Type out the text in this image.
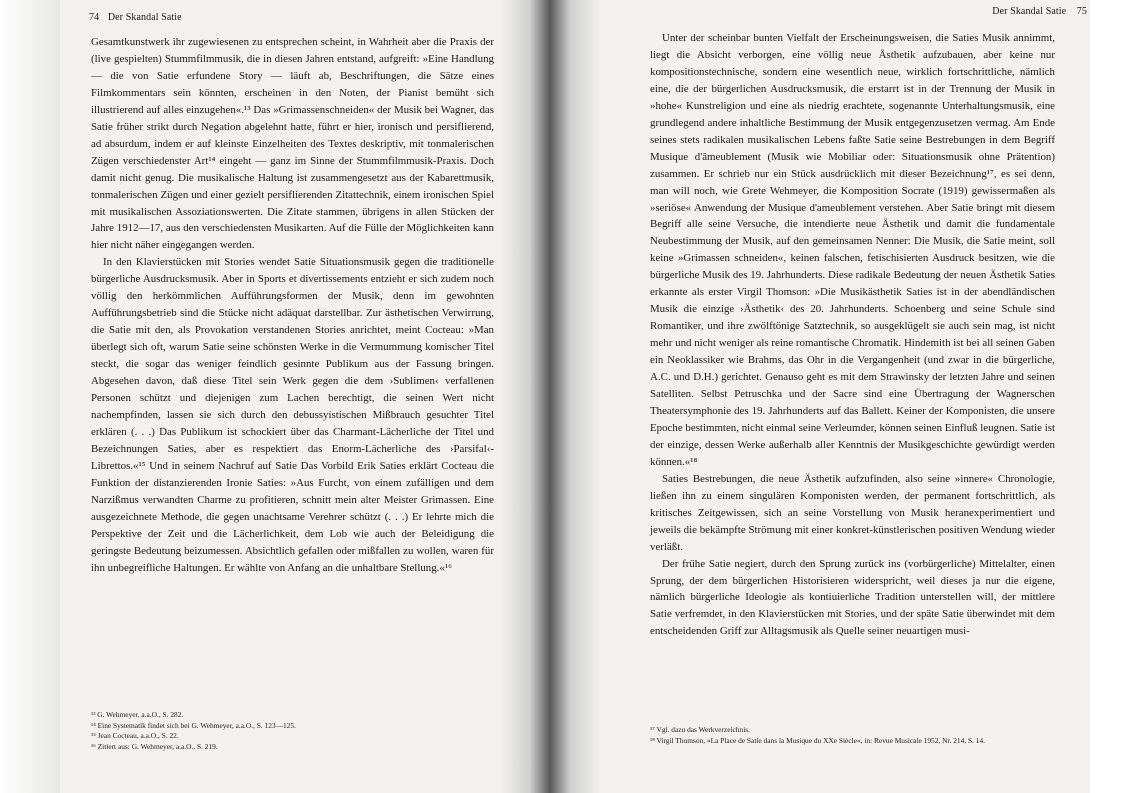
74 Der Skandal Satie
Der Skandal Satie 75

Gesamtkunstwerk ihr zugewiesenen zu entsprechen scheint, in Wahrheit aber die Praxis der (live gespielten) Stummfilmmusik, die in diesen Jahren entstand, aufgreift: »Eine Handlung — die von Satie erfundene Story — läuft ab, Beschriftungen, die Sätze eines Filmkommentars sein könnten, erscheinen in den Noten, der Pianist bemüht sich illustrierend auf alles einzugehen«.¹³ Das »Grimassenschneiden« der Musik bei Wagner, das Satie früher strikt durch Negation abgelehnt hatte, führt er hier, ironisch und persiflierend, ad absurdum, indem er auf kleinste Einzelheiten des Textes deskriptiv, mit tonmalerischen Zügen verschiedenster Art¹⁴ eingeht — ganz im Sinne der Stummfilmmusik-Praxis. Doch damit nicht genug. Die musikalische Haltung ist zusammengesetzt aus der Kabarettmusik, tonmalerischen Zügen und einer gezielt persiflierenden Zitattechnik, einem ironischen Spiel mit musikalischen Assoziationswerten. Die Zitate stammen, übrigens in allen Stücken der Jahre 1912—17, aus den verschiedensten Musikarten. Auf die Fülle der Möglichkeiten kann hier nicht näher eingegangen werden.

In den Klavierstücken mit Stories wendet Satie Situationsmusik gegen die traditionelle bürgerliche Ausdrucksmusik. Aber in Sports et divertissements entzieht er sich zudem noch völlig den herkömmlichen Aufführungsformen der Musik, denn im gewohnten Aufführungsbetrieb sind die Stücke nicht adäquat darstellbar. Zur ästhetischen Verwirrung, die Satie mit den, als Provokation verstandenen Stories anrichtet, meint Cocteau: »Man überlegt sich oft, warum Satie seine schönsten Werke in die Vermummung komischer Titel steckt, die sogar das weniger feindlich gesinnte Publikum aus der Fassung bringen. Abgesehen davon, daß diese Titel sein Werk gegen die dem ›Sublimen‹ verfallenen Personen schützt und diejenigen zum Lachen berechtigt, die seinen Wert nicht nachempfinden, lassen sie sich durch den debussyistischen Mißbrauch gesuchter Titel erklären (. . .) Das Publikum ist schockiert über das Charmant-Lächerliche der Titel und Bezeichnungen Saties, aber es respektiert das Enorm-Lächerliche des ›Parsifal‹-Librettos.«¹⁵ Und in seinem Nachruf auf Satie Das Vorbild Erik Saties erklärt Cocteau die Funktion der distanzierenden Ironie Saties: »Aus Furcht, von einem zufälligen und dem Narzißmus verwandten Charme zu profitieren, schnitt mein alter Meister Grimassen. Eine ausgezeichnete Methode, die gegen unachtsame Verehrer schützt (. . .) Er lehrte mich die Perspektive der Zeit und die Lächerlichkeit, dem Lob wie auch der Beleidigung die geringste Bedeutung beizumessen. Absichtlich gefallen oder mißfallen zu wollen, waren für ihn unbegreifliche Haltungen. Er wählte von Anfang an die unhaltbare Stellung.«¹⁶

¹³ G. Wehmeyer, a.a.O., S. 282.
¹⁴ Eine Systematik findet sich bei G. Wehmeyer, a.a.O., S. 123—125.
¹⁵ Jean Cocteau, a.a.O., S. 22.
¹⁶ Zitiert aus: G. Wehmeyer, a.a.O., S. 219.

Unter der scheinbar bunten Vielfalt der Erscheinungsweisen, die Saties Musik annimmt, liegt die Absicht verborgen, eine völlig neue Ästhetik aufzubauen, aber keine nur kompositionstechnische, sondern eine wesentlich neue, wirklich fortschrittliche, nämlich eine, die der bürgerlichen Ausdrucksmusik, die erstarrt ist in der Trennung der Musik in »hohe« Kunstreligion und eine als niedrig erachtete, sogenannte Unterhaltungsmusik, eine grundlegend andere inhaltliche Bestimmung der Musik entgegenzusetzen vermag. Am Ende seines stets radikalen musikalischen Lebens faßte Satie seine Bestrebungen in dem Begriff Musique d'âmeublement (Musik wie Mobiliar oder: Situationsmusik ohne Prätention) zusammen. Er schrieb nur ein Stück ausdrücklich mit dieser Bezeichnung¹⁷, es sei denn, man will noch, wie Grete Wehmeyer, die Komposition Socrate (1919) gewissermaßen als »seriöse« Anwendung der Musique d'ameublement verstehen. Aber Satie bringt mit diesem Begriff alle seine Versuche, die intendierte neue Ästhetik und damit die fundamentale Neubestimmung der Musik, auf den gemeinsamen Nenner: Die Musik, die Satie meint, soll keine »Grimassen schneiden«, keinen falschen, fetischisierten Ausdruck besitzen, wie die bürgerliche Musik des 19. Jahrhunderts. Diese radikale Bedeutung der neuen Ästhetik Saties erkannte als erster Virgil Thomson: »Die Musikästhetik Saties ist in der abendländischen Musik die einzige ›Ästhetik‹ des 20. Jahrhunderts. Schoenberg und seine Schule sind Romantiker, und ihre zwölftönige Satztechnik, so ausgeklügelt sie auch sein mag, ist nicht mehr und nicht weniger als reine romantische Chromatik. Hindemith ist bei all seinen Gaben ein Neoklassiker wie Brahms, das Ohr in die Vergangenheit (und zwar in die bürgerliche, A.C. und D.H.) gerichtet. Genauso geht es mit dem Strawinsky der letzten Jahre und seinen Satelliten. Selbst Petruschka und der Sacre sind eine Übertragung der Wagnerschen Theatersymphonie des 19. Jahrhunderts auf das Ballett. Keiner der Komponisten, die unsere Epoche bestimmten, nicht einmal seine Verleumder, können seinen Einfluß leugnen. Satie ist der einzige, dessen Werke außerhalb aller Kenntnis der Musikgeschichte gewürdigt werden können.«¹⁸

Saties Bestrebungen, die neue Ästhetik aufzufinden, also seine »innere« Chronologie, ließen ihn zu einem singulären Komponisten werden, der permanent fortschrittlich, als kritisches Zeitgewissen, sich an seine Vorstellung von Musik heranexperimentiert und jeweils die bekämpfte Strömung mit einer konkret-künstlerischen positiven Wendung wieder verläßt.

Der frühe Satie negiert, durch den Sprung zurück ins (vorbürgerliche) Mittelalter, einen Sprung, der dem bürgerlichen Historisieren widerspricht, weil dieses ja nur die eigene, nämlich bürgerliche Ideologie als kontiuierliche Tradition unterstellen will, der mittlere Satie verfremdet, in den Klavierstücken mit Stories, und der späte Satie überwindet mit dem entscheidenden Griff zur Alltagsmusik als Quelle seiner neuartigen musi-

¹⁷ Vgl. dazu das Werkverzeichnis.
¹⁸ Virgil Thomson, »La Place de Satie dans la Musique du XXe Siècle«, in: Revue Musicale 1952, Nr. 214, S. 14.
